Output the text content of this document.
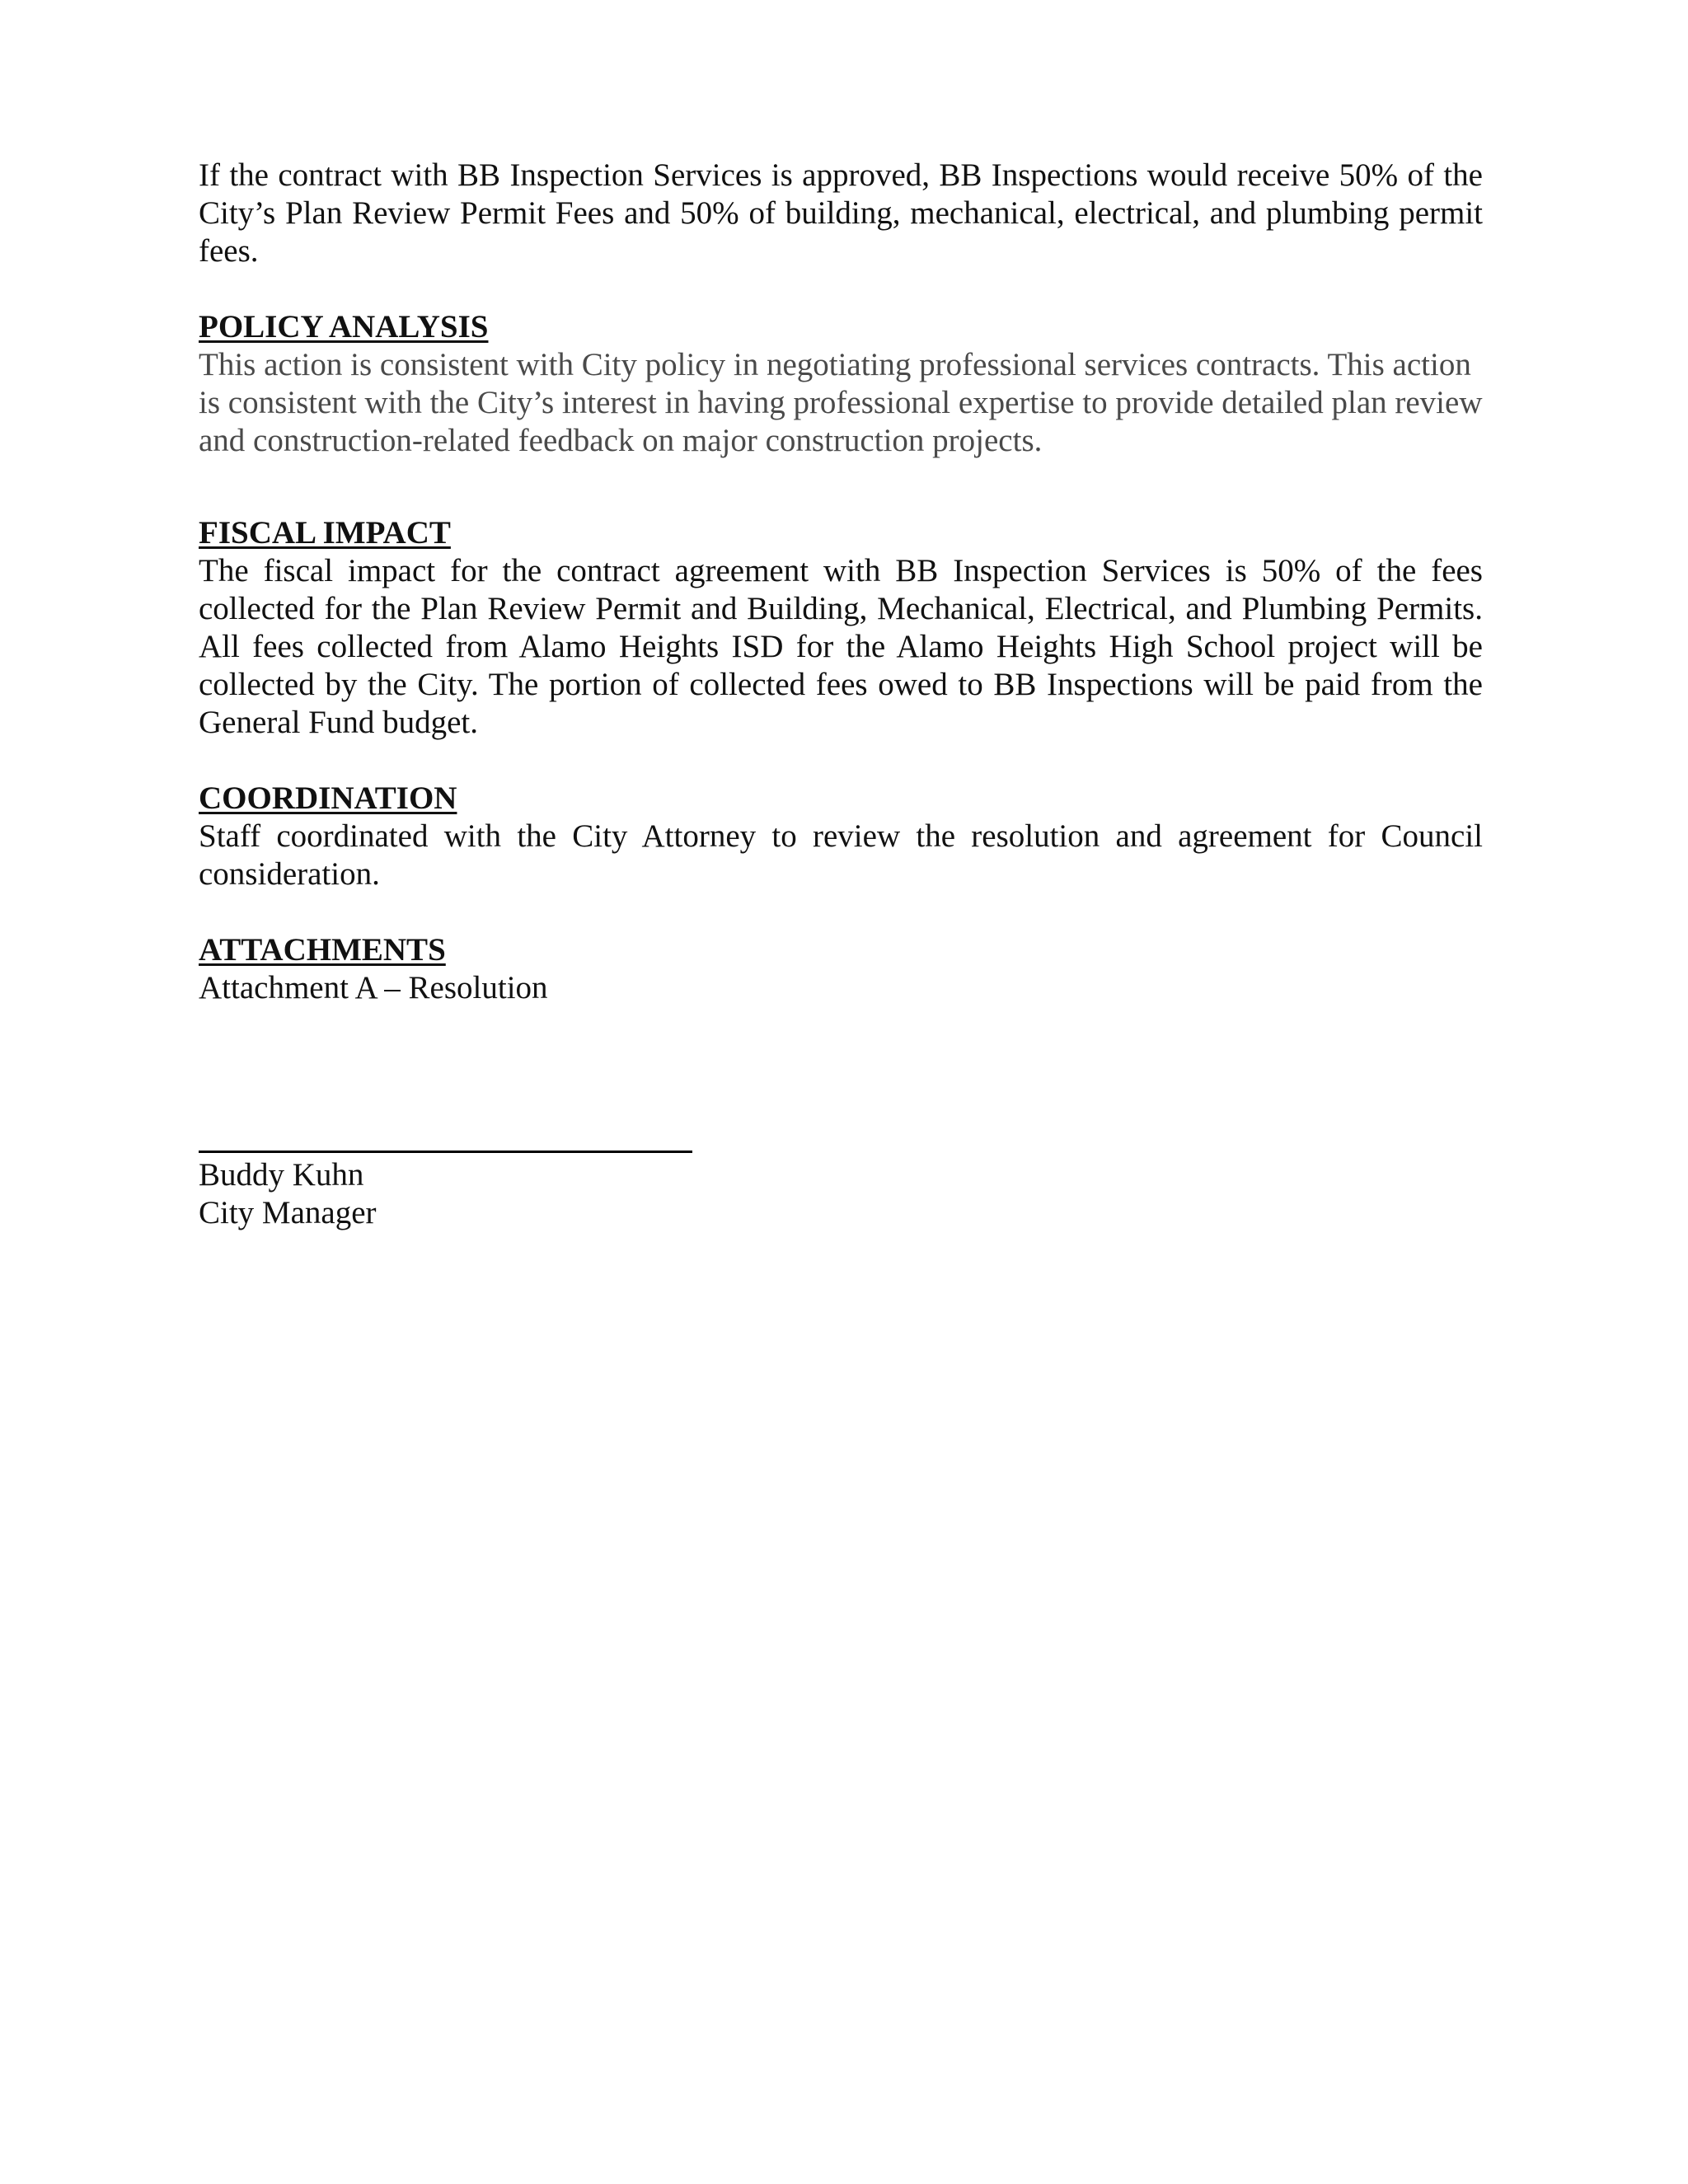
If the contract with BB Inspection Services is approved, BB Inspections would receive 50% of the City’s Plan Review Permit Fees and 50% of building, mechanical, electrical, and plumbing permit fees.

POLICY ANALYSIS

This action is consistent with City policy in negotiating professional services contracts. This action is consistent with the City’s interest in having professional expertise to provide detailed plan review and construction-related feedback on major construction projects.

FISCAL IMPACT

The fiscal impact for the contract agreement with BB Inspection Services is 50% of the fees collected for the Plan Review Permit and Building, Mechanical, Electrical, and Plumbing Permits. All fees collected from Alamo Heights ISD for the Alamo Heights High School project will be collected by the City. The portion of collected fees owed to BB Inspections will be paid from the General Fund budget.

COORDINATION

Staff coordinated with the City Attorney to review the resolution and agreement for Council consideration.

ATTACHMENTS

Attachment A – Resolution

Buddy Kuhn

City Manager
